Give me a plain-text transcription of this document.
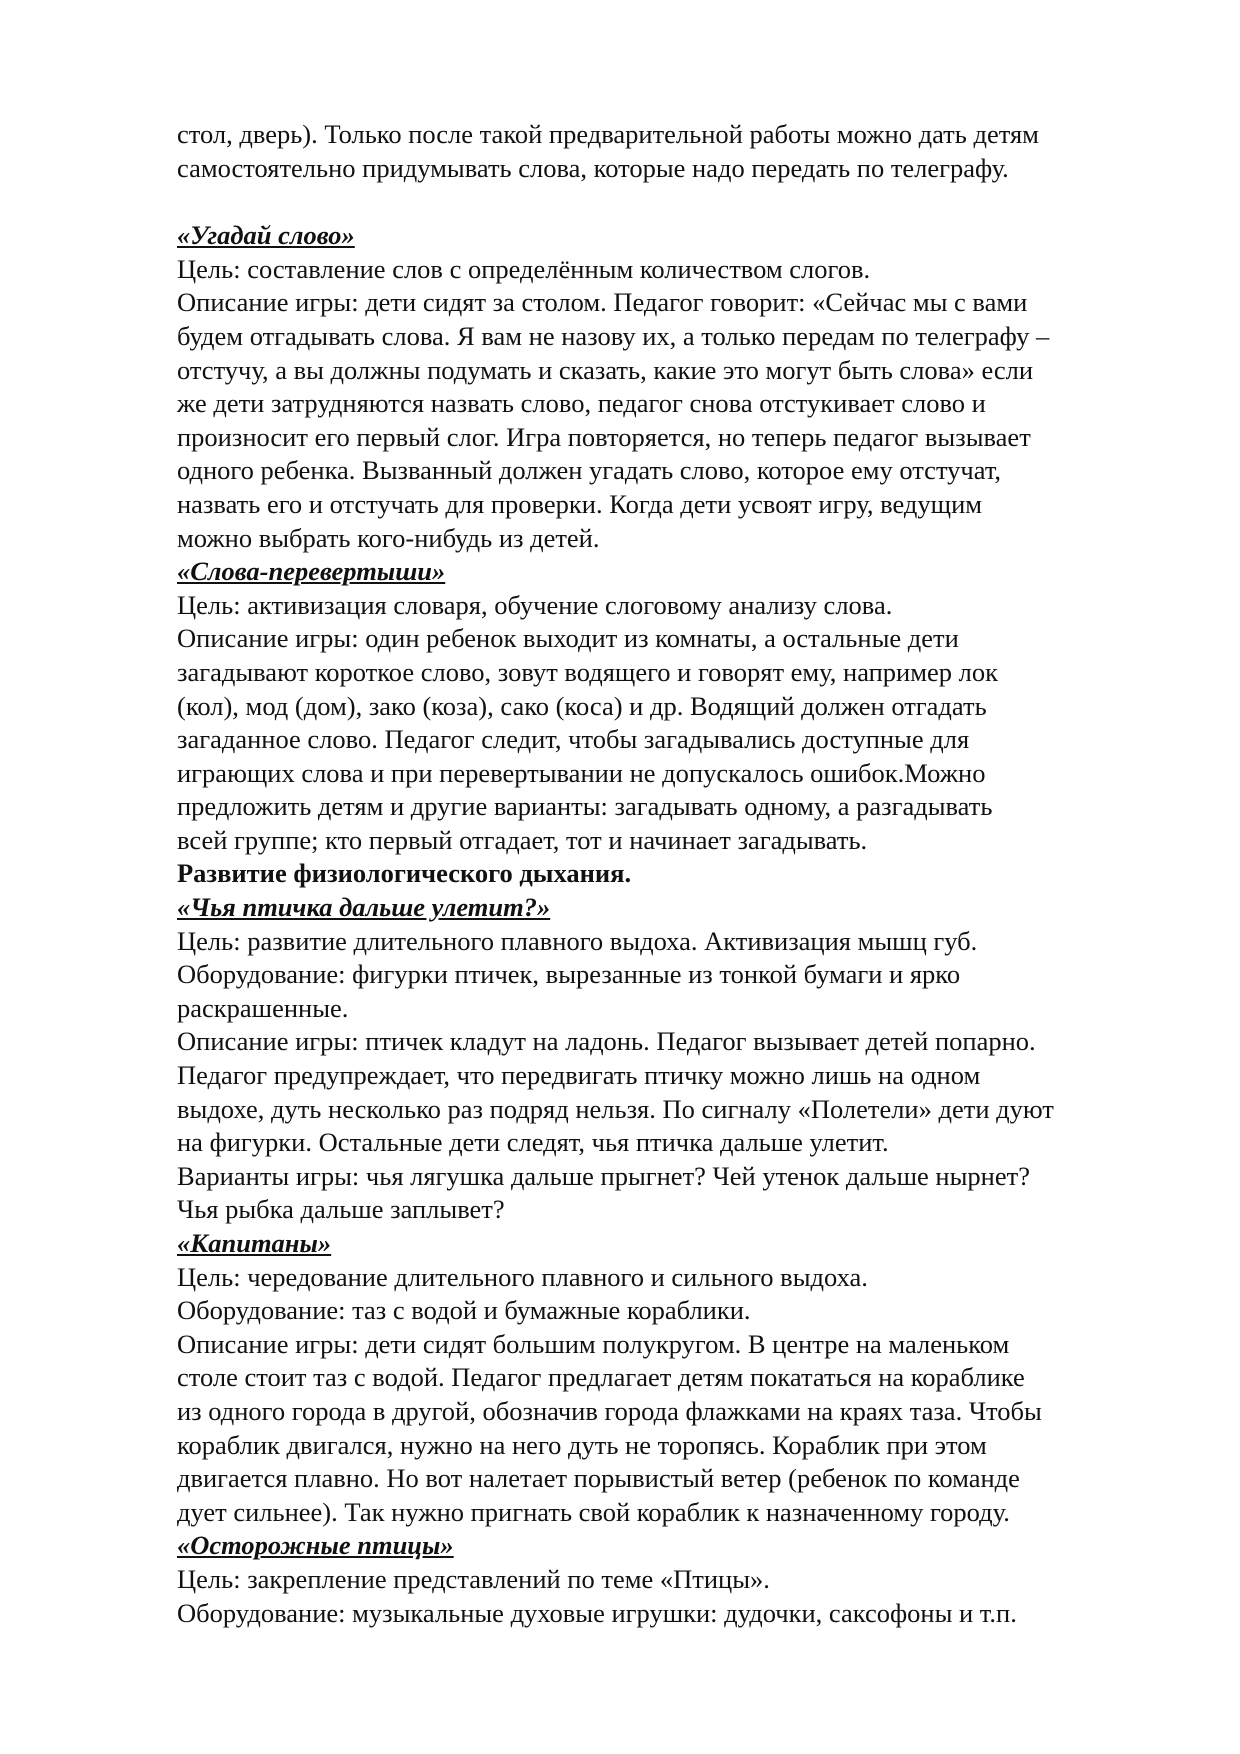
стол, дверь). Только после такой предварительной работы можно дать детям
самостоятельно придумывать слова, которые надо передать по телеграфу.
«Угадай слово»
Цель: составление слов с определённым количеством слогов.
Описание игры: дети сидят за столом. Педагог говорит: «Сейчас мы с вами
будем отгадывать слова. Я вам не назову их, а только передам по телеграфу –
отстучу, а вы должны подумать и сказать, какие это могут быть слова» если
же дети затрудняются назвать слово, педагог снова отстукивает слово и
произносит его первый слог. Игра повторяется, но теперь педагог вызывает
одного ребенка. Вызванный должен угадать слово, которое ему отстучат,
назвать его и отстучать для проверки. Когда дети усвоят игру, ведущим
можно выбрать кого-нибудь из детей.
«Слова-перевертыши»
Цель: активизация словаря, обучение слоговому анализу слова.
Описание игры: один ребенок выходит из комнаты, а остальные дети
загадывают короткое слово, зовут водящего и говорят ему, например лок
(кол), мод (дом), зако (коза), сако (коса) и др. Водящий должен отгадать
загаданное слово. Педагог следит, чтобы загадывались доступные для
играющих слова и при перевертывании не допускалось ошибок.Можно
предложить детям и другие варианты: загадывать одному, а разгадывать
всей группе; кто первый отгадает, тот и начинает загадывать.
Развитие физиологического дыхания.
«Чья птичка дальше улетит?»
Цель: развитие длительного плавного выдоха. Активизация мышц губ.
Оборудование: фигурки птичек, вырезанные из тонкой бумаги и ярко
раскрашенные.
Описание игры: птичек кладут на ладонь. Педагог вызывает детей попарно.
Педагог предупреждает, что передвигать птичку можно лишь на одном
выдохе, дуть несколько раз подряд нельзя. По сигналу «Полетели» дети дуют
на фигурки. Остальные дети следят, чья птичка дальше улетит.
Варианты игры: чья лягушка дальше прыгнет? Чей утенок дальше нырнет?
Чья рыбка дальше заплывет?
«Капитаны»
Цель: чередование длительного плавного и сильного выдоха.
Оборудование: таз с водой и бумажные кораблики.
Описание игры: дети сидят большим полукругом. В центре на маленьком
столе стоит таз с водой. Педагог предлагает детям покататься на кораблике
из одного города в другой, обозначив города флажками на краях таза. Чтобы
кораблик двигался, нужно на него дуть не торопясь. Кораблик при этом
двигается плавно. Но вот налетает порывистый ветер (ребенок по команде
дует сильнее). Так нужно пригнать свой кораблик к назначенному городу.
«Осторожные птицы»
Цель: закрепление представлений по теме «Птицы».
Оборудование: музыкальные духовые игрушки: дудочки, саксофоны и т.п.
